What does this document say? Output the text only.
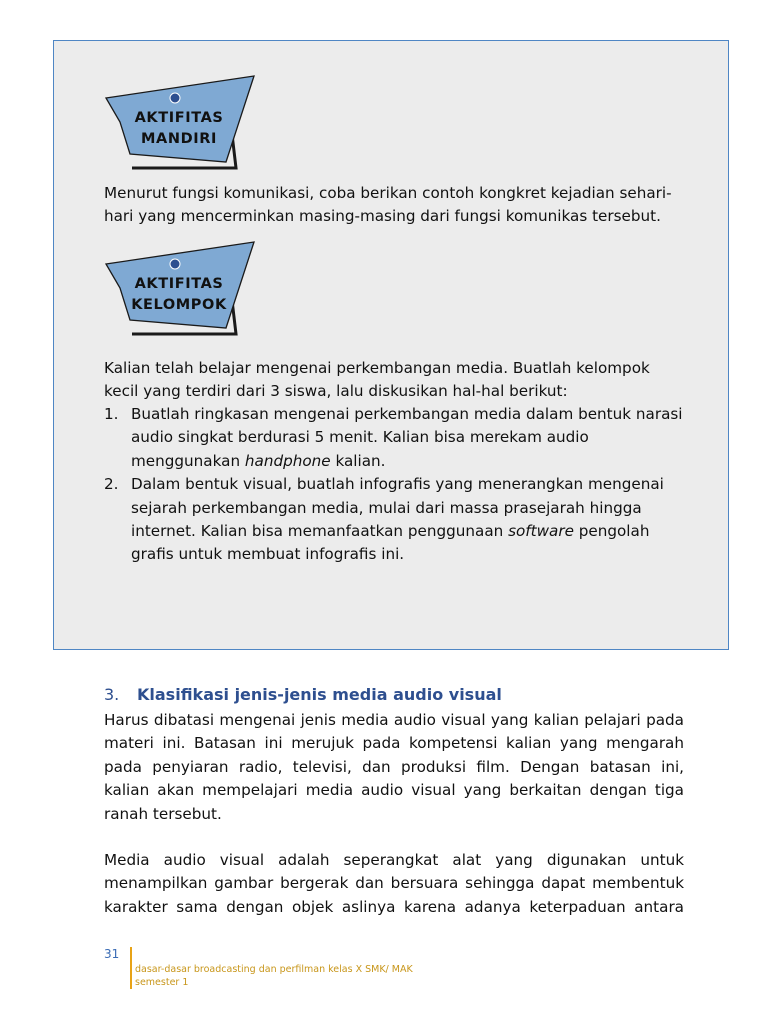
AKTIFITAS
MANDIRI

Menurut fungsi komunikasi, coba berikan contoh kongkret kejadian sehari-hari yang mencerminkan masing-masing dari fungsi komunikas tersebut.

AKTIFITAS
KELOMPOK

Kalian telah belajar mengenai perkembangan media. Buatlah kelompok kecil yang terdiri dari 3 siswa, lalu diskusikan hal-hal berikut:

1. Buatlah ringkasan mengenai perkembangan media dalam bentuk narasi audio singkat berdurasi 5 menit. Kalian bisa merekam audio menggunakan handphone kalian.
2. Dalam bentuk visual, buatlah infografis yang menerangkan mengenai sejarah perkembangan media, mulai dari massa prasejarah hingga internet. Kalian bisa memanfaatkan penggunaan software pengolah grafis untuk membuat infografis ini.
3. Klasifikasi jenis-jenis media audio visual

Harus dibatasi mengenai jenis media audio visual yang kalian pelajari pada materi ini. Batasan ini merujuk pada kompetensi kalian yang mengarah pada penyiaran radio, televisi, dan produksi film. Dengan batasan ini, kalian akan mempelajari media audio visual yang berkaitan dengan tiga ranah tersebut.

Media audio visual adalah seperangkat alat yang digunakan untuk menampilkan gambar bergerak dan bersuara sehingga dapat membentuk karakter sama dengan objek aslinya karena adanya keterpaduan antara

31
dasar-dasar broadcasting dan perfilman kelas X SMK/ MAK
semester 1
